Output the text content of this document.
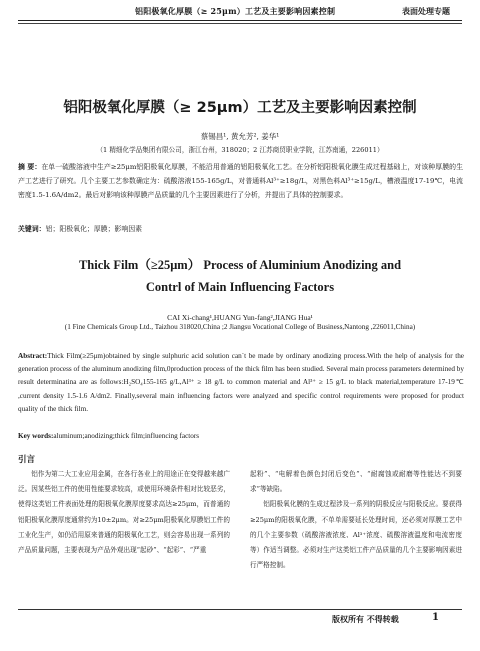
铝阳极氧化厚膜（≥ 25μm）工艺及主要影响因素控制	表面处理专题
铝阳极氧化厚膜（≥ 25μm）工艺及主要影响因素控制
蔡锡昌¹, 黄允芳², 姜华¹
（1 精细化学品集团有限公司，浙江台州，318020；2 江苏商贸职业学院，江苏南通，226011）
摘 要：在单一硫酸溶液中生产≥25μm铝阳极氧化厚膜，不能沿用普通的铝阳极氧化工艺。在分析铝阳极氧化膜生成过程基础上，对该种厚膜的生产工艺进行了研究。几个主要工艺参数确定为：硫酸溶液155-165g/L，对普通料Al³⁺≥18g/L，对黑色料Al³⁺≥15g/L，槽液温度17-19℃，电流密度1.5-1.6A/dm2。最后对影响该种厚膜产品质量的几个主要因素进行了分析，并提出了具体的控制要求。
关键词：铝；阳极氧化；厚膜；影响因素
Thick Film（≥25μm） Process of Aluminium Anodizing and
Contrl of Main Influencing Factors
CAI Xi-chang¹,HUANG Yun-fang²,JIANG Hua¹
(1 Fine Chemicals Group Ltd., Taizhou 318020,China ;2 Jiangsu Vocational College of Business,Nantong ,226011,China)
Abstract:Thick Film(≥25μm)obtained by single sulphuric acid solution can`t be made by ordinary anodizing process.With the help of analysis for the generation process of the aluminum anodizing film,0production process of the thick film has been studied. Several main process parameters determined by result determinatina are as follows:H₂SO₄155-165 g/L,Al³⁺ ≥ 18 g/L to common material and Al³⁺ ≥ 15 g/L to black material,temperature 17-19℃ ,current density 1.5-1.6 A/dm2. Finally,several main influencing factors were analyzed and specific control requirements were proposed for product quality of the thick film.
Key words:aluminum;anodizing;thick film;influencing factors
引言

铝作为第二大工业应用金属，在各行各业上的用途正在变得越来越广泛。因某些铝工件的使用性能要求较高，或使用环境条件相对比较恶劣，使得这类铝工件表面处理的阳极氧化膜厚度要求高达≥25μm，而普通的铝阳极氧化膜厚度通常约为10±2μm。对≥25μm阳极氧化厚膜铝工件的工业化生产，如仍沿用原来普通的阳极氧化工艺，则会容易出现一系列的产品质量问题，主要表现为产品外观出现“起砂”、“起彩”、“严重

起粉”、“电解着色颜色封闭后变色”、“耐腐蚀或耐磨等性能达不到要求”等缺陷。

铝阳极氧化膜的生成过程涉及一系列的阴极反应与阳极反应。要获得≥25μm的阳极氧化膜，不单单需要延长处理时间，还必须对厚膜工艺中的几个主要参数（硫酸溶液浓度、Al³⁺浓度、硫酸溶液温度和电流密度等）作适当调整。必须对生产这类铝工件产品质量的几个主要影响因素进行严格控制。

版权所有 不得转载	1
